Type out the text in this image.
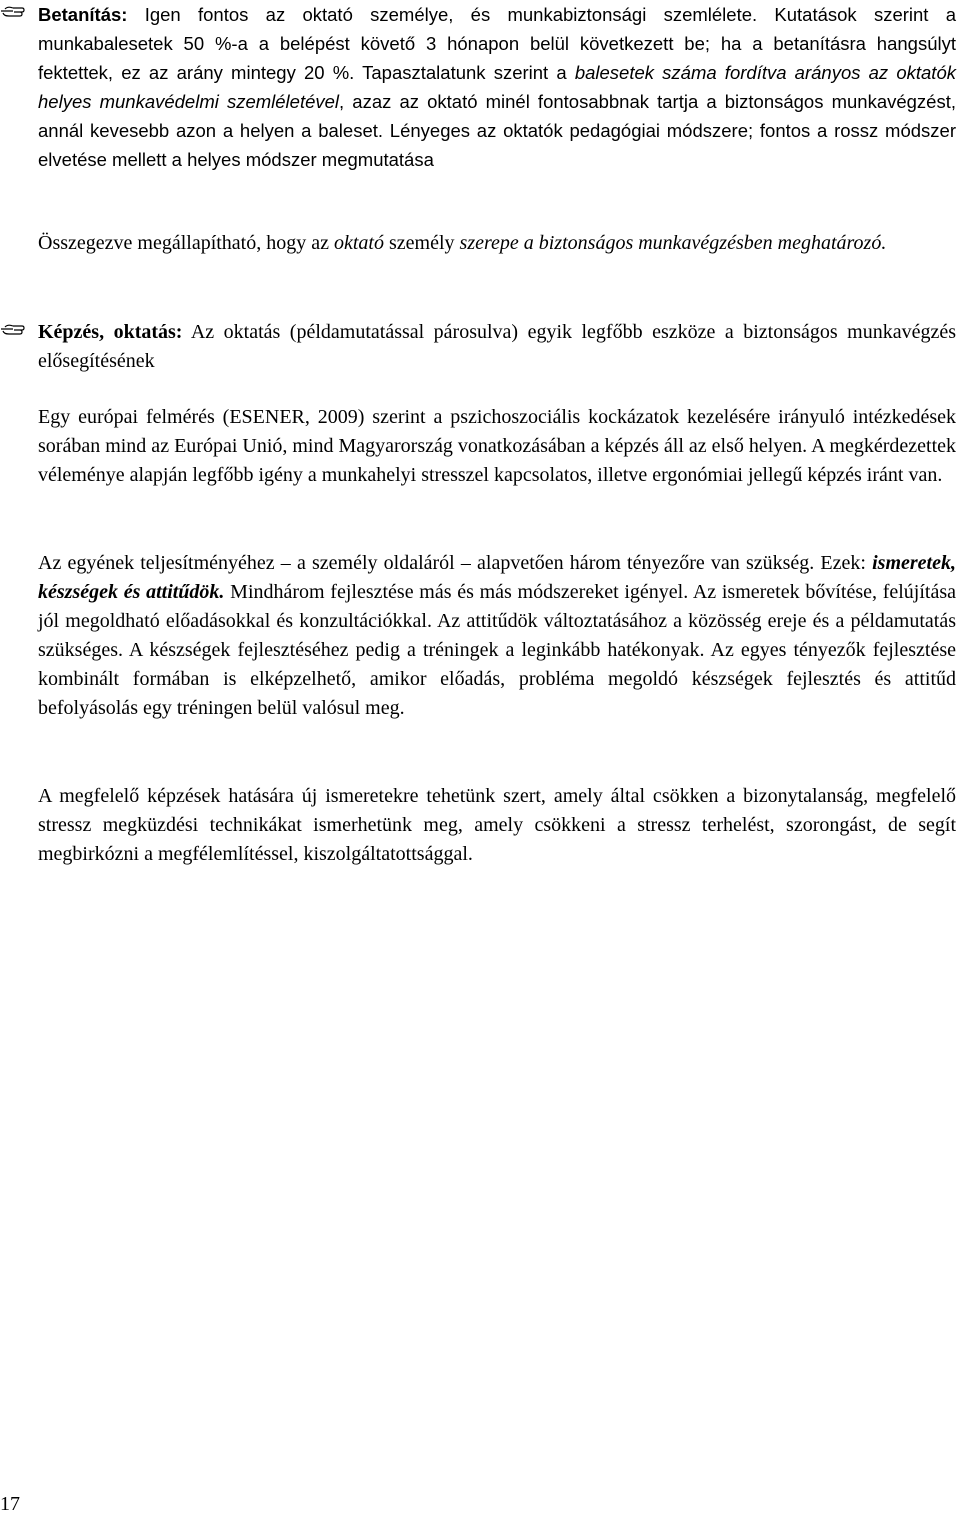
Betanítás: Igen fontos az oktató személye, és munkabiztonsági szemlélete. Kutatások szerint a munkabalesetek 50 %-a a belépést követő 3 hónapon belül következett be; ha a betanításra hangsúlyt fektettek, ez az arány mintegy 20 %. Tapasztalatunk szerint a balesetek száma fordítva arányos az oktatók helyes munkavédelmi szemléletével, azaz az oktató minél fontosabbnak tartja a biztonságos munkavégzést, annál kevesebb azon a helyen a baleset. Lényeges az oktatók pedagógiai módszere; fontos a rossz módszer elvetése mellett a helyes módszer megmutatása

Összegezve megállapítható, hogy az oktató személy szerepe a biztonságos munkavégzésben meghatározó.

Képzés, oktatás: Az oktatás (példamutatással párosulva) egyik legfőbb eszköze a biztonságos munkavégzés elősegítésének

Egy európai felmérés (ESENER, 2009) szerint a pszichoszociális kockázatok kezelésére irányuló intézkedések sorában mind az Európai Unió, mind Magyarország vonatkozásában a képzés áll az első helyen. A megkérdezettek véleménye alapján legfőbb igény a munkahelyi stresszel kapcsolatos, illetve ergonómiai jellegű képzés iránt van.

Az egyének teljesítményéhez – a személy oldaláról – alapvetően három tényezőre van szükség. Ezek: ismeretek, készségek és attitűdök. Mindhárom fejlesztése más és más módszereket igényel. Az ismeretek bővítése, felújítása jól megoldható előadásokkal és konzultációkkal. Az attitűdök változtatásához a közösség ereje és a példamutatás szükséges. A készségek fejlesztéséhez pedig a tréningek a leginkább hatékonyak. Az egyes tényezők fejlesztése kombinált formában is elképzelhető, amikor előadás, probléma megoldó készségek fejlesztés és attitűd befolyásolás egy tréningen belül valósul meg.

A megfelelő képzések hatására új ismeretekre tehetünk szert, amely által csökken a bizonytalanság, megfelelő stressz megküzdési technikákat ismerhetünk meg, amely csökkeni a stressz terhelést, szorongást, de segít megbirkózni a megfélemlítéssel, kiszolgáltatottsággal.

17
